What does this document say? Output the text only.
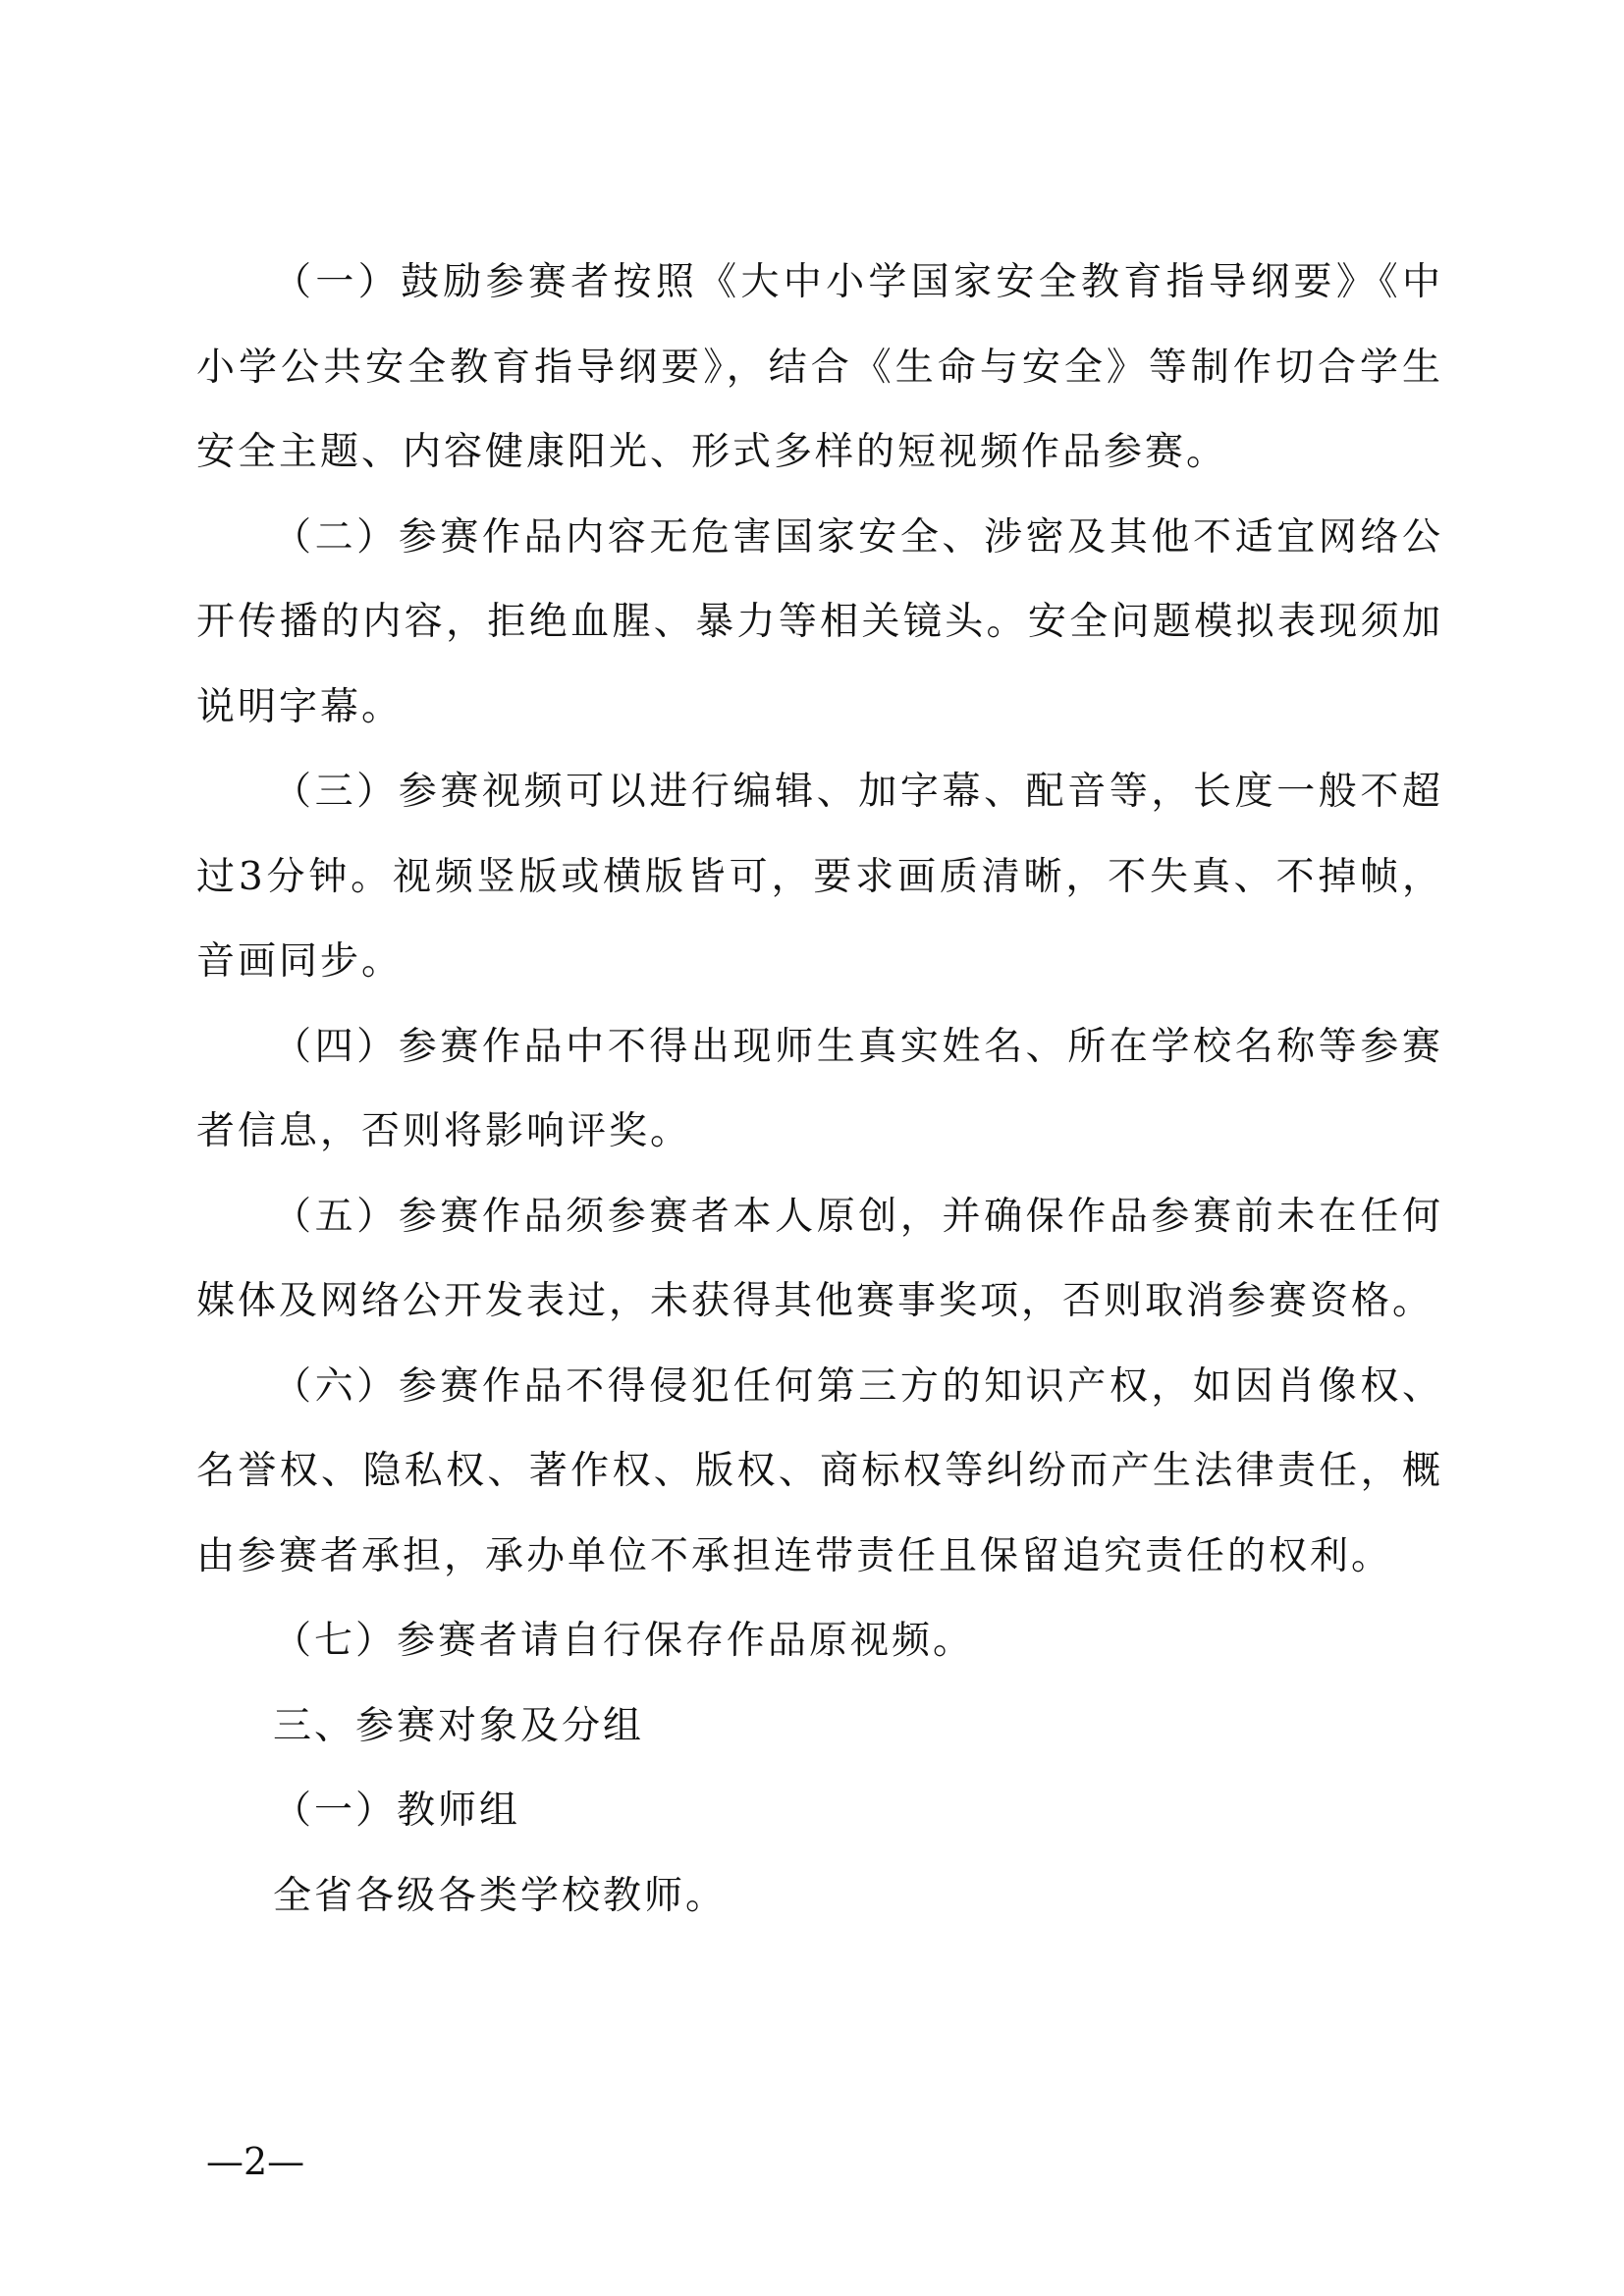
（一）鼓励参赛者按照《大中小学国家安全教育指导纲要》《中小学公共安全教育指导纲要》，结合《生命与安全》等制作切合学生安全主题、内容健康阳光、形式多样的短视频作品参赛。

（二）参赛作品内容无危害国家安全、涉密及其他不适宜网络公开传播的内容，拒绝血腥、暴力等相关镜头。安全问题模拟表现须加说明字幕。

（三）参赛视频可以进行编辑、加字幕、配音等，长度一般不超过3分钟。视频竖版或横版皆可，要求画质清晰，不失真、不掉帧，音画同步。

（四）参赛作品中不得出现师生真实姓名、所在学校名称等参赛者信息，否则将影响评奖。

（五）参赛作品须参赛者本人原创，并确保作品参赛前未在任何媒体及网络公开发表过，未获得其他赛事奖项，否则取消参赛资格。

（六）参赛作品不得侵犯任何第三方的知识产权，如因肖像权、名誉权、隐私权、著作权、版权、商标权等纠纷而产生法律责任，概由参赛者承担，承办单位不承担连带责任且保留追究责任的权利。

（七）参赛者请自行保存作品原视频。

三、参赛对象及分组

（一）教师组

全省各级各类学校教师。

—2—
